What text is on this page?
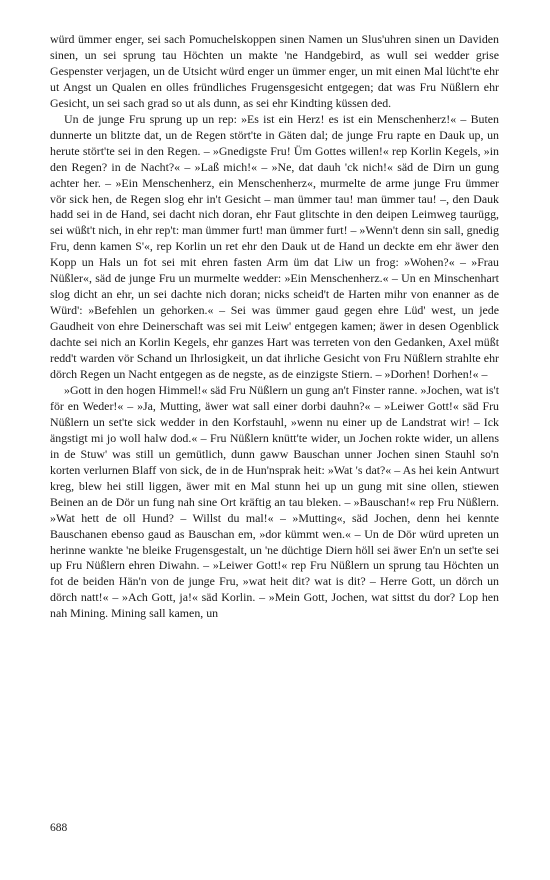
würd ümmer enger, sei sach Pomuchelskoppen sinen Namen un Slus'uhren sinen un Daviden sinen, un sei sprung tau Höchten un makte 'ne Handgebird, as wull sei wedder grise Gespenster verjagen, un de Utsicht würd enger un ümmer enger, un mit einen Mal lücht'te ehr ut Angst un Qualen en olles fründliches Frugensgesicht entgegen; dat was Fru Nüßlern ehr Gesicht, un sei sach grad so ut als dunn, as sei ehr Kindting küssen ded.

Un de junge Fru sprung up un rep: »Es ist ein Herz! es ist ein Menschenherz!« – Buten dunnerte un blitzte dat, un de Regen stört'te in Gäten dal; de junge Fru rapte en Dauk up, un herute stört'te sei in den Regen. – »Gnedigste Fru! Üm Gottes willen!« rep Korlin Kegels, »in den Regen? in de Nacht?« – »Laß mich!« – »Ne, dat dauh 'ck nich!« säd de Dirn un gung achter her. – »Ein Menschenherz, ein Menschenherz«, murmelte de arme junge Fru ümmer vör sick hen, de Regen slog ehr in't Gesicht – man ümmer tau! man ümmer tau! –, den Dauk hadd sei in de Hand, sei dacht nich doran, ehr Faut glitschte in den deipen Leimweg taurügg, sei wüßt't nich, in ehr rep't: man ümmer furt! man ümmer furt! – »Wenn't denn sin sall, gnedig Fru, denn kamen S'«, rep Korlin un ret ehr den Dauk ut de Hand un deckte em ehr äwer den Kopp un Hals un fot sei mit ehren fasten Arm üm dat Liw un frog: »Wohen?« – »Frau Nüßler«, säd de junge Fru un murmelte wedder: »Ein Menschenherz.« – Un en Minschenhart slog dicht an ehr, un sei dachte nich doran; nicks scheid't de Harten mihr von enanner as de Würd': »Befehlen un gehorken.« – Sei was ümmer gaud gegen ehre Lüd' west, un jede Gaudheit von ehre Deinerschaft was sei mit Leiw' entgegen kamen; äwer in desen Ogenblick dachte sei nich an Korlin Kegels, ehr ganzes Hart was terreten von den Gedanken, Axel müßt redd't warden vör Schand un Ihrlosigkeit, un dat ihrliche Gesicht von Fru Nüßlern strahlte ehr dörch Regen un Nacht entgegen as de negste, as de einzigste Stiern. – »Dorhen! Dorhen!« –

»Gott in den hogen Himmel!« säd Fru Nüßlern un gung an't Finster ranne. »Jochen, wat is't för en Weder!« – »Ja, Mutting, äwer wat sall einer dorbi dauhn?« – »Leiwer Gott!« säd Fru Nüßlern un set'te sick wedder in den Korfstauhl, »wenn nu einer up de Landstrat wir! – Ick ängstigt mi jo woll halw dod.« – Fru Nüßlern knütt'te wider, un Jochen rokte wider, un allens in de Stuw' was still un gemütlich, dunn gaww Bauschan unner Jochen sinen Stauhl so'n korten verlurnen Blaff von sick, de in de Hun'nsprak heit: »Wat 's dat?« – As hei kein Antwurt kreg, blew hei still liggen, äwer mit en Mal stunn hei up un gung mit sine ollen, stiewen Beinen an de Dör un fung nah sine Ort kräftig an tau bleken. – »Bauschan!« rep Fru Nüßlern. »Wat hett de oll Hund? – Willst du mal!« – »Mutting«, säd Jochen, denn hei kennte Bauschanen ebenso gaud as Bauschan em, »dor kümmt wen.« – Un de Dör würd upreten un herinne wankte 'ne bleike Frugensgestalt, un 'ne düchtige Diern höll sei äwer En'n un set'te sei up Fru Nüßlern ehren Diwahn. – »Leiwer Gott!« rep Fru Nüßlern un sprung tau Höchten un fot de beiden Hän'n von de junge Fru, »wat heit dit? wat is dit? – Herre Gott, un dörch un dörch natt!« – »Ach Gott, ja!« säd Korlin. – »Mein Gott, Jochen, wat sittst du dor? Lop hen nah Mining. Mining sall kamen, un

688
